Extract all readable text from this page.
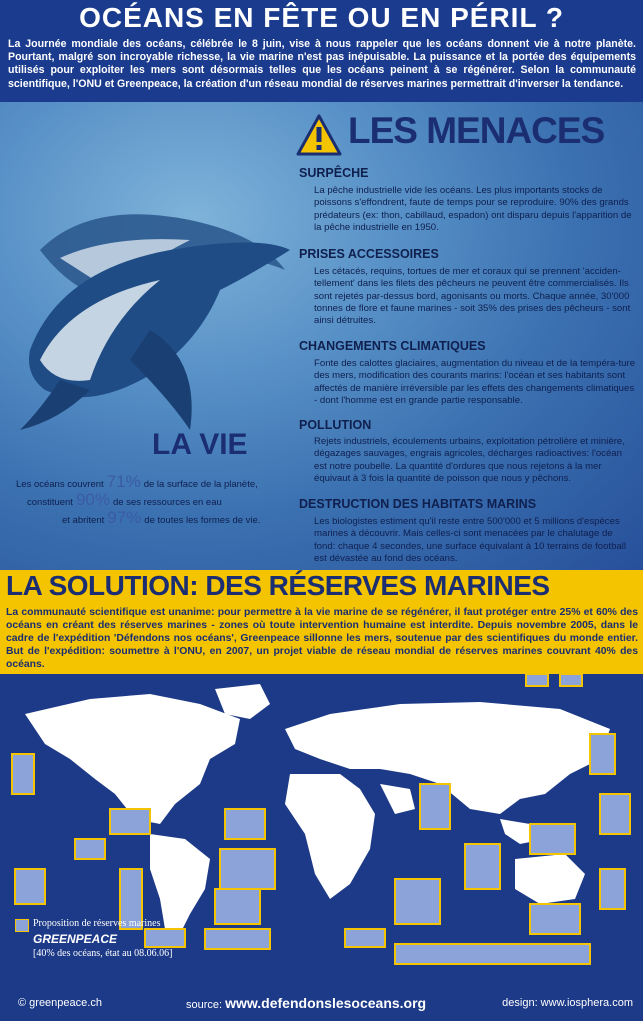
OCÉANS EN FÊTE OU EN PÉRIL ?
La Journée mondiale des océans, célébrée le 8 juin, vise à nous rappeler que les océans donnent vie à notre planète. Pourtant, malgré son incroyable richesse, la vie marine n'est pas inépuisable. La puissance et la portée des équipements utilisés pour exploiter les mers sont désormais telles que les océans peinent à se régénérer. Selon la communauté scientifique, l'ONU et Greenpeace, la création d'un réseau mondial de réserves marines permettrait d'inverser la tendance.
LES MENACES
SURPÊCHE
La pêche industrielle vide les océans. Les plus importants stocks de poissons s'effondrent, faute de temps pour se reproduire. 90% des grands prédateurs (ex: thon, cabillaud, espadon) ont disparu depuis l'apparition de la pêche industrielle en 1950.
PRISES ACCESSOIRES
Les cétacés, requins, tortues de mer et coraux qui se prennent 'acciden-tellement' dans les filets des pêcheurs ne peuvent être commercialisés. Ils sont rejetés par-dessus bord, agonisants ou morts. Chaque année, 30'000 tonnes de flore et faune marines - soit 35% des prises des pêcheurs - sont ainsi détruites.
CHANGEMENTS CLIMATIQUES
Fonte des calottes glaciaires, augmentation du niveau et de la tempéra-ture des mers, modification des courants marins: l'océan et ses habitants sont affectés de manière irréversible par les effets des changements climatiques - dont l'homme est en grande partie responsable.
POLLUTION
Rejets industriels, écoulements urbains, exploitation pétrolière et minière, dégazages sauvages, engrais agricoles, décharges radioactives: l'océan est notre poubelle. La quantité d'ordures que nous rejetons à la mer équivaut à 3 fois la quantité de poisson que nous y pêchons.
DESTRUCTION DES HABITATS MARINS
Les biologistes estiment qu'il reste entre 500'000 et 5 millions d'espèces marines à découvrir. Mais celles-ci sont menacées par le chalutage de fond: chaque 4 secondes, une surface équivalant à 10 terrains de football est dévastée au fond des océans.
LA VIE
Les océans couvrent 71% de la surface de la planète,
constituent 90% de ses ressources en eau
et abritent 97% de toutes les formes de vie.
LA SOLUTION: DES RÉSERVES MARINES
La communauté scientifique est unanime: pour permettre à la vie marine de se régénérer, il faut protéger entre 25% et 60% des océans en créant des réserves marines - zones où toute intervention humaine est interdite. Depuis novembre 2005, dans le cadre de l'expédition 'Défendons nos océans', Greenpeace sillonne les mers, soutenue par des scientifiques du monde entier. But de l'expédition: soumettre à l'ONU, en 2007, un projet viable de réseau mondial de réserves marines couvrant 40% des océans.
Proposition de réserves marines
GREENPEACE
[40% des océans, état au 08.06.06]
© greenpeace.ch	source: www.defendonslesoceans.org	design: www.iosphera.com
